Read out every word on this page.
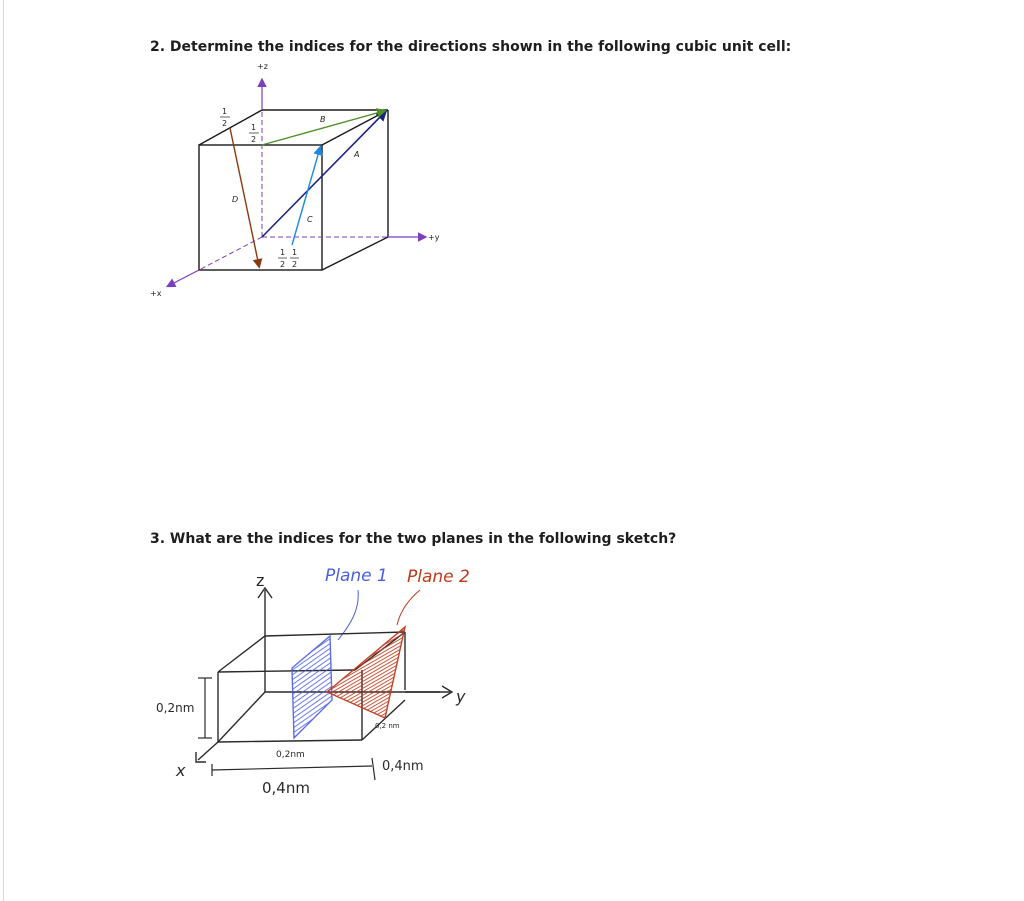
2. Determine the indices for the directions shown in the following cubic unit cell:
+z
+y
+x
B
A
C
D
1
2	1
2
1
2
1
2
3. What are the indices for the two planes in the following sketch?
z	Plane 1 Plane 2
y
x
0,2nm
0,2nm
0,4nm
0,4nm
0,2 nm
